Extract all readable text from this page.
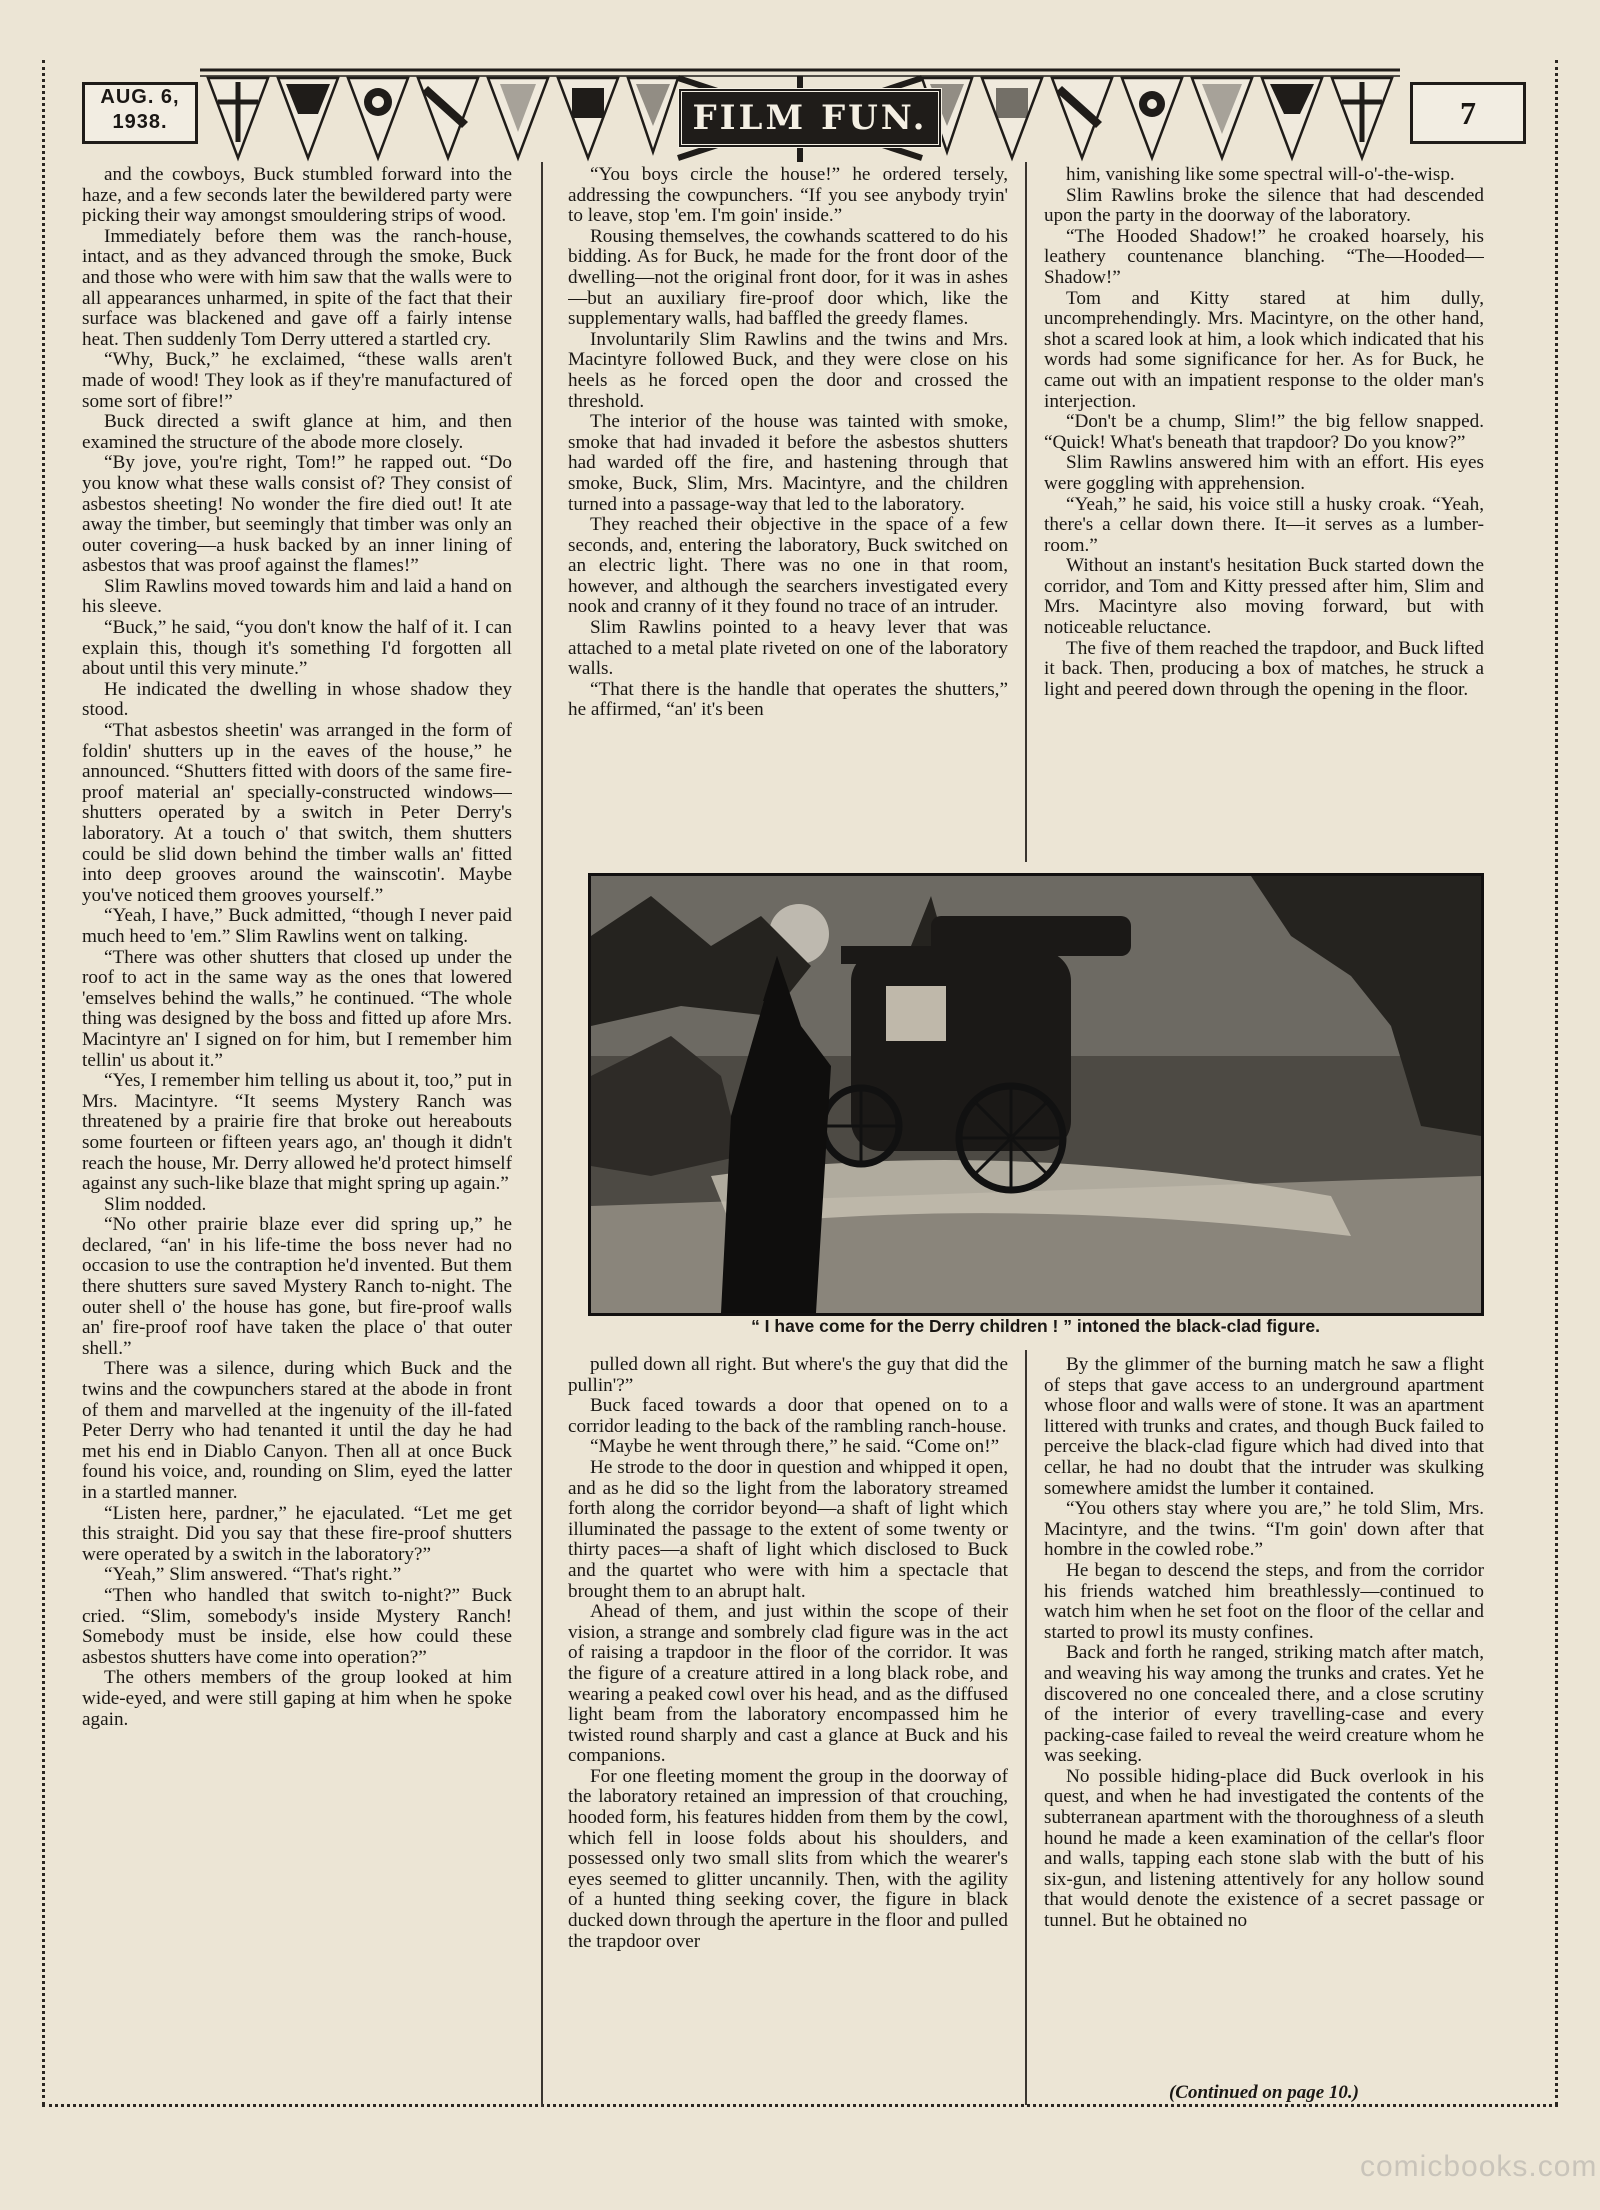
AUG. 6,
1938.	FILM FUN.	7

and the cowboys, Buck stumbled forward into the haze, and a few seconds later the bewildered party were picking their way amongst smouldering strips of wood.

Immediately before them was the ranch-house, intact, and as they advanced through the smoke, Buck and those who were with him saw that the walls were to all appearances unharmed, in spite of the fact that their surface was blackened and gave off a fairly intense heat. Then suddenly Tom Derry uttered a startled cry.

“Why, Buck,” he exclaimed, “these walls aren't made of wood! They look as if they're manufactured of some sort of fibre!”

Buck directed a swift glance at him, and then examined the structure of the abode more closely.

“By jove, you're right, Tom!” he rapped out. “Do you know what these walls consist of? They consist of asbestos sheeting! No wonder the fire died out! It ate away the timber, but seemingly that timber was only an outer covering—a husk backed by an inner lining of asbestos that was proof against the flames!”

Slim Rawlins moved towards him and laid a hand on his sleeve.

“Buck,” he said, “you don't know the half of it. I can explain this, though it's something I'd forgotten all about until this very minute.”

He indicated the dwelling in whose shadow they stood.

“That asbestos sheetin' was arranged in the form of foldin' shutters up in the eaves of the house,” he announced. “Shutters fitted with doors of the same fire-proof material an' specially-constructed windows—shutters operated by a switch in Peter Derry's laboratory. At a touch o' that switch, them shutters could be slid down behind the timber walls an' fitted into deep grooves around the wainscotin'. Maybe you've noticed them grooves yourself.”

“Yeah, I have,” Buck admitted, “though I never paid much heed to 'em.” Slim Rawlins went on talking.

“There was other shutters that closed up under the roof to act in the same way as the ones that lowered 'emselves behind the walls,” he continued. “The whole thing was designed by the boss and fitted up afore Mrs. Macintyre an' I signed on for him, but I remember him tellin' us about it.”

“Yes, I remember him telling us about it, too,” put in Mrs. Macintyre. “It seems Mystery Ranch was threatened by a prairie fire that broke out hereabouts some fourteen or fifteen years ago, an' though it didn't reach the house, Mr. Derry allowed he'd protect himself against any such-like blaze that might spring up again.”

Slim nodded.

“No other prairie blaze ever did spring up,” he declared, “an' in his life-time the boss never had no occasion to use the contraption he'd invented. But them there shutters sure saved Mystery Ranch to-night. The outer shell o' the house has gone, but fire-proof walls an' fire-proof roof have taken the place o' that outer shell.”

There was a silence, during which Buck and the twins and the cowpunchers stared at the abode in front of them and marvelled at the ingenuity of the ill-fated Peter Derry who had tenanted it until the day he had met his end in Diablo Canyon. Then all at once Buck found his voice, and, rounding on Slim, eyed the latter in a startled manner.

“Listen here, pardner,” he ejaculated. “Let me get this straight. Did you say that these fire-proof shutters were operated by a switch in the laboratory?”

“Yeah,” Slim answered. “That's right.”

“Then who handled that switch to-night?” Buck cried. “Slim, somebody's inside Mystery Ranch! Somebody must be inside, else how could these asbestos shutters have come into operation?”

The others members of the group looked at him wide-eyed, and were still gaping at him when he spoke again.

“You boys circle the house!” he ordered tersely, addressing the cowpunchers. “If you see anybody tryin' to leave, stop 'em. I'm goin' inside.”

Rousing themselves, the cowhands scattered to do his bidding. As for Buck, he made for the front door of the dwelling—not the original front door, for it was in ashes—but an auxiliary fire-proof door which, like the supplementary walls, had baffled the greedy flames.

Involuntarily Slim Rawlins and the twins and Mrs. Macintyre followed Buck, and they were close on his heels as he forced open the door and crossed the threshold.

The interior of the house was tainted with smoke, smoke that had invaded it before the asbestos shutters had warded off the fire, and hastening through that smoke, Buck, Slim, Mrs. Macintyre, and the children turned into a passage-way that led to the laboratory.

They reached their objective in the space of a few seconds, and, entering the laboratory, Buck switched on an electric light. There was no one in that room, however, and although the searchers investigated every nook and cranny of it they found no trace of an intruder.

Slim Rawlins pointed to a heavy lever that was attached to a metal plate riveted on one of the laboratory walls.

“That there is the handle that operates the shutters,” he affirmed, “an' it's been

him, vanishing like some spectral will-o'-the-wisp.

Slim Rawlins broke the silence that had descended upon the party in the doorway of the laboratory.

“The Hooded Shadow!” he croaked hoarsely, his leathery countenance blanching. “The—Hooded—Shadow!”

Tom and Kitty stared at him dully, uncomprehendingly. Mrs. Macintyre, on the other hand, shot a scared look at him, a look which indicated that his words had some significance for her. As for Buck, he came out with an impatient response to the older man's interjection.

“Don't be a chump, Slim!” the big fellow snapped. “Quick! What's beneath that trapdoor? Do you know?”

Slim Rawlins answered him with an effort. His eyes were goggling with apprehension.

“Yeah,” he said, his voice still a husky croak. “Yeah, there's a cellar down there. It—it serves as a lumber-room.”

Without an instant's hesitation Buck started down the corridor, and Tom and Kitty pressed after him, Slim and Mrs. Macintyre also moving forward, but with noticeable reluctance.

The five of them reached the trapdoor, and Buck lifted it back. Then, producing a box of matches, he struck a light and peered down through the opening in the floor.

“ I have come for the Derry children ! ” intoned the black-clad figure.

pulled down all right. But where's the guy that did the pullin'?”

Buck faced towards a door that opened on to a corridor leading to the back of the rambling ranch-house.

“Maybe he went through there,” he said. “Come on!”

He strode to the door in question and whipped it open, and as he did so the light from the laboratory streamed forth along the corridor beyond—a shaft of light which illuminated the passage to the extent of some twenty or thirty paces—a shaft of light which disclosed to Buck and the quartet who were with him a spectacle that brought them to an abrupt halt.

Ahead of them, and just within the scope of their vision, a strange and sombrely clad figure was in the act of raising a trapdoor in the floor of the corridor. It was the figure of a creature attired in a long black robe, and wearing a peaked cowl over his head, and as the diffused light beam from the laboratory encompassed him he twisted round sharply and cast a glance at Buck and his companions.

For one fleeting moment the group in the doorway of the laboratory retained an impression of that crouching, hooded form, his features hidden from them by the cowl, which fell in loose folds about his shoulders, and possessed only two small slits from which the wearer's eyes seemed to glitter uncannily. Then, with the agility of a hunted thing seeking cover, the figure in black ducked down through the aperture in the floor and pulled the trapdoor over

By the glimmer of the burning match he saw a flight of steps that gave access to an underground apartment whose floor and walls were of stone. It was an apartment littered with trunks and crates, and though Buck failed to perceive the black-clad figure which had dived into that cellar, he had no doubt that the intruder was skulking somewhere amidst the lumber it contained.

“You others stay where you are,” he told Slim, Mrs. Macintyre, and the twins. “I'm goin' down after that hombre in the cowled robe.”

He began to descend the steps, and from the corridor his friends watched him breathlessly—continued to watch him when he set foot on the floor of the cellar and started to prowl its musty confines.

Back and forth he ranged, striking match after match, and weaving his way among the trunks and crates. Yet he discovered no one concealed there, and a close scrutiny of the interior of every travelling-case and every packing-case failed to reveal the weird creature whom he was seeking.

No possible hiding-place did Buck overlook in his quest, and when he had investigated the contents of the subterranean apartment with the thoroughness of a sleuth hound he made a keen examination of the cellar's floor and walls, tapping each stone slab with the butt of his six-gun, and listening attentively for any hollow sound that would denote the existence of a secret passage or tunnel. But he obtained no

(Continued on page 10.)
comicbooks.com
